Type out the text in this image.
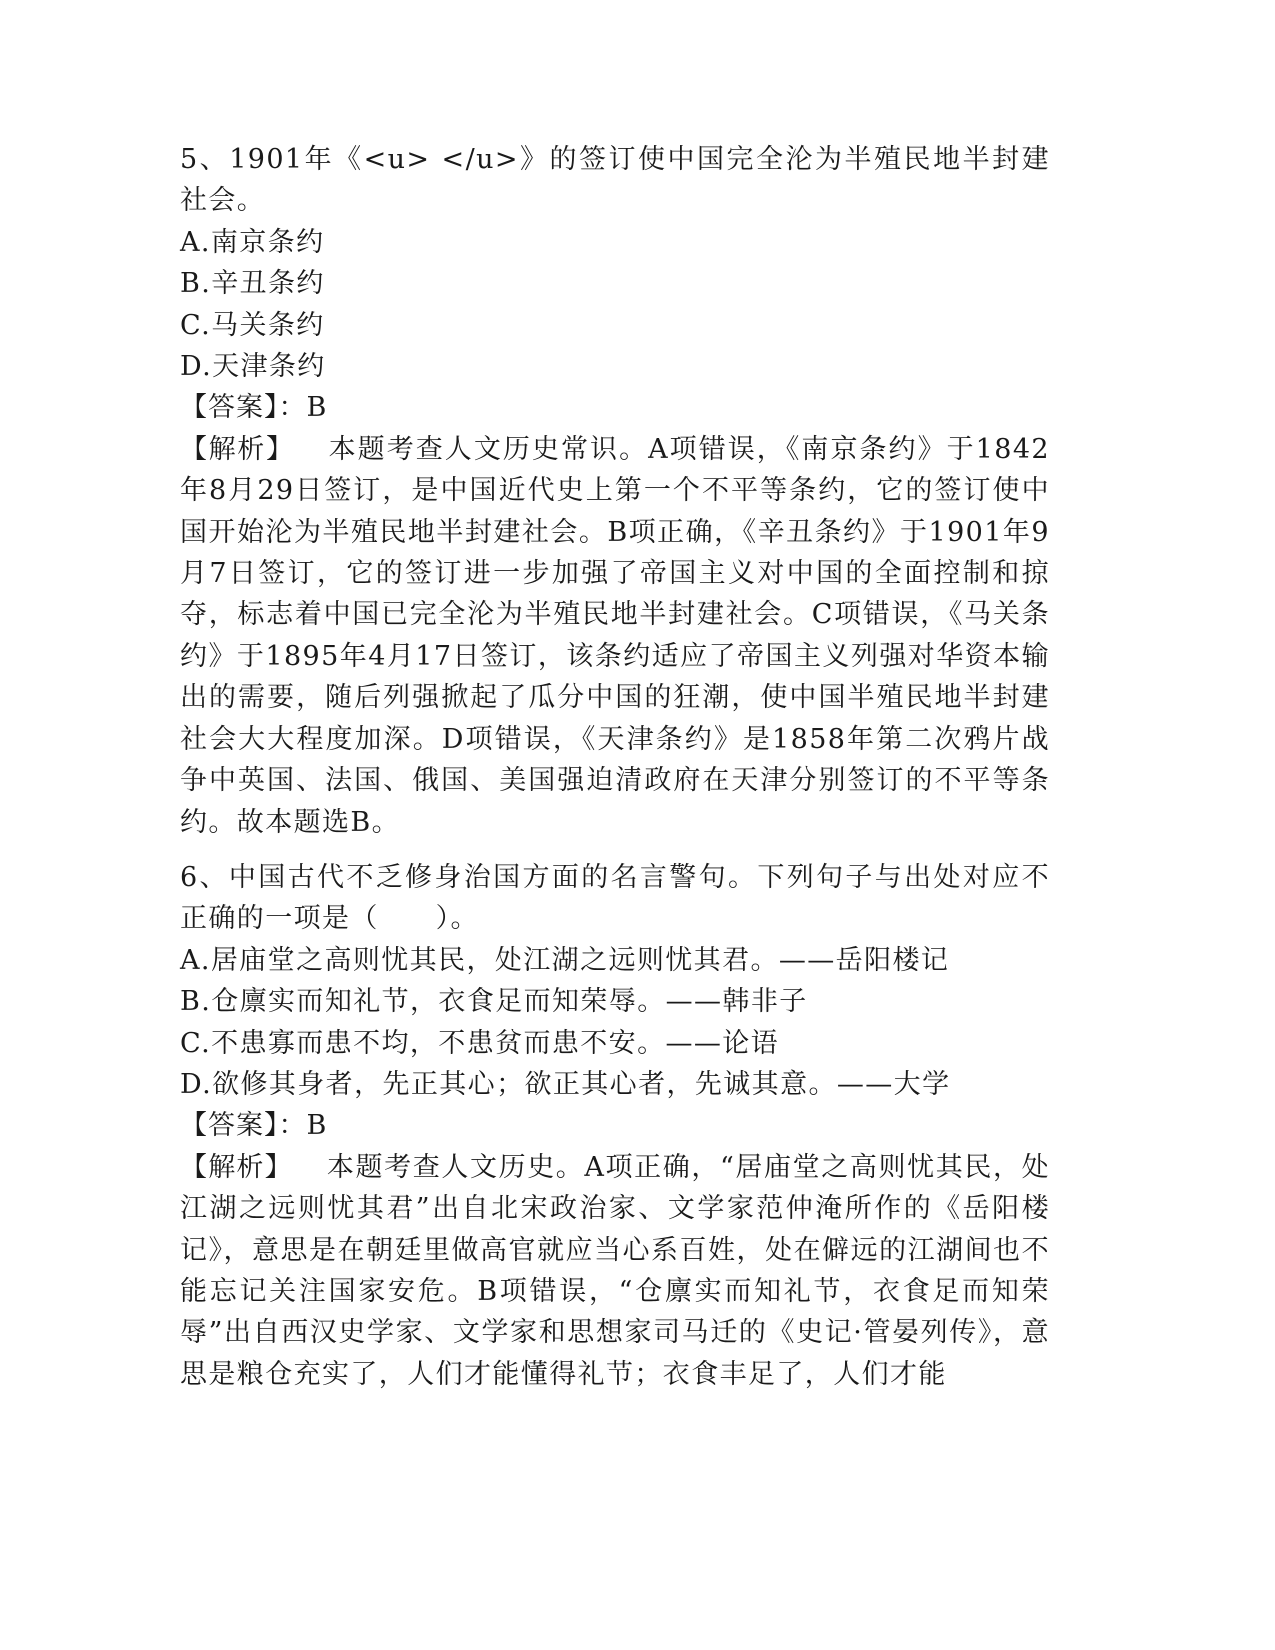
5、1901年《<u> </u>》的签订使中国完全沦为半殖民地半封建社会。

A.南京条约

B.辛丑条约

C.马关条约

D.天津条约

【答案】：B

【解析】 本题考查人文历史常识。A项错误，《南京条约》于1842年8月29日签订，是中国近代史上第一个不平等条约，它的签订使中国开始沦为半殖民地半封建社会。B项正确，《辛丑条约》于1901年9月7日签订，它的签订进一步加强了帝国主义对中国的全面控制和掠夺，标志着中国已完全沦为半殖民地半封建社会。C项错误，《马关条约》于1895年4月17日签订，该条约适应了帝国主义列强对华资本输出的需要，随后列强掀起了瓜分中国的狂潮，使中国半殖民地半封建社会大大程度加深。D项错误，《天津条约》是1858年第二次鸦片战争中英国、法国、俄国、美国强迫清政府在天津分别签订的不平等条约。故本题选B。

6、中国古代不乏修身治国方面的名言警句。下列句子与出处对应不正确的一项是（　　）。

A.居庙堂之高则忧其民，处江湖之远则忧其君。——岳阳楼记

B.仓廪实而知礼节，衣食足而知荣辱。——韩非子

C.不患寡而患不均，不患贫而患不安。——论语

D.欲修其身者，先正其心；欲正其心者，先诚其意。——大学

【答案】：B

【解析】 本题考查人文历史。A项正确，“居庙堂之高则忧其民，处江湖之远则忧其君”出自北宋政治家、文学家范仲淹所作的《岳阳楼记》，意思是在朝廷里做高官就应当心系百姓，处在僻远的江湖间也不能忘记关注国家安危。B项错误，“仓廪实而知礼节，衣食足而知荣辱”出自西汉史学家、文学家和思想家司马迁的《史记·管晏列传》，意思是粮仓充实了，人们才能懂得礼节；衣食丰足了，人们才能
